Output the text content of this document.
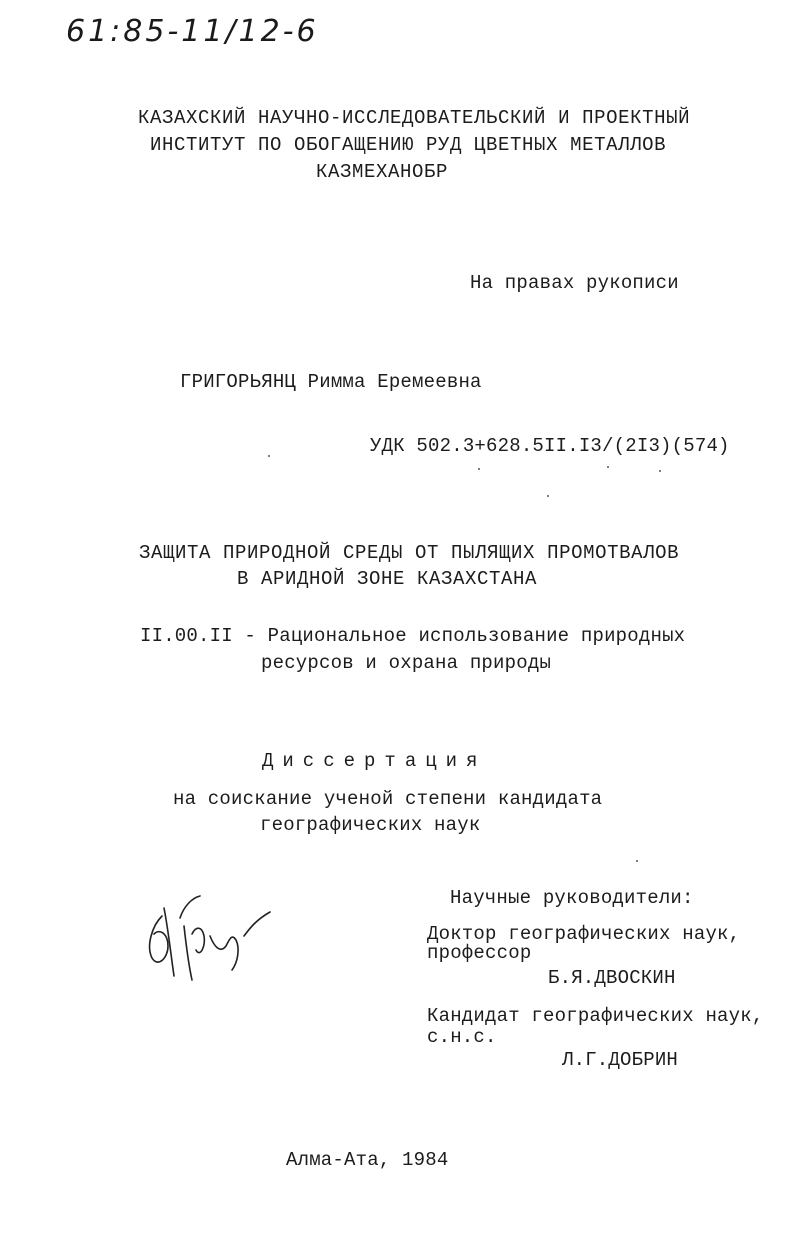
61:85-11/12-6
КАЗАХСКИЙ НАУЧНО-ИССЛЕДОВАТЕЛЬСКИЙ И ПРОЕКТНЫЙ
ИНСТИТУТ ПО ОБОГАЩЕНИЮ РУД ЦВЕТНЫХ МЕТАЛЛОВ
КАЗМЕХАНОБР
На правах рукописи
ГРИГОРЬЯНЦ Римма Еремеевна
УДК 502.3+628.5II.I3/(2I3)(574)
ЗАЩИТА ПРИРОДНОЙ СРЕДЫ ОТ ПЫЛЯЩИХ ПРОМОТВАЛОВ
В АРИДНОЙ ЗОНЕ КАЗАХСТАНА
II.00.II - Рациональное использование природных
ресурсов и охрана природы
Диссертация
на соискание ученой степени кандидата
географических наук
Научные руководители:
Доктор географических наук,
профессор
Б.Я.ДВОСКИН
Кандидат географических наук,
с.н.с.
Л.Г.ДОБРИН
Алма-Ата, 1984
